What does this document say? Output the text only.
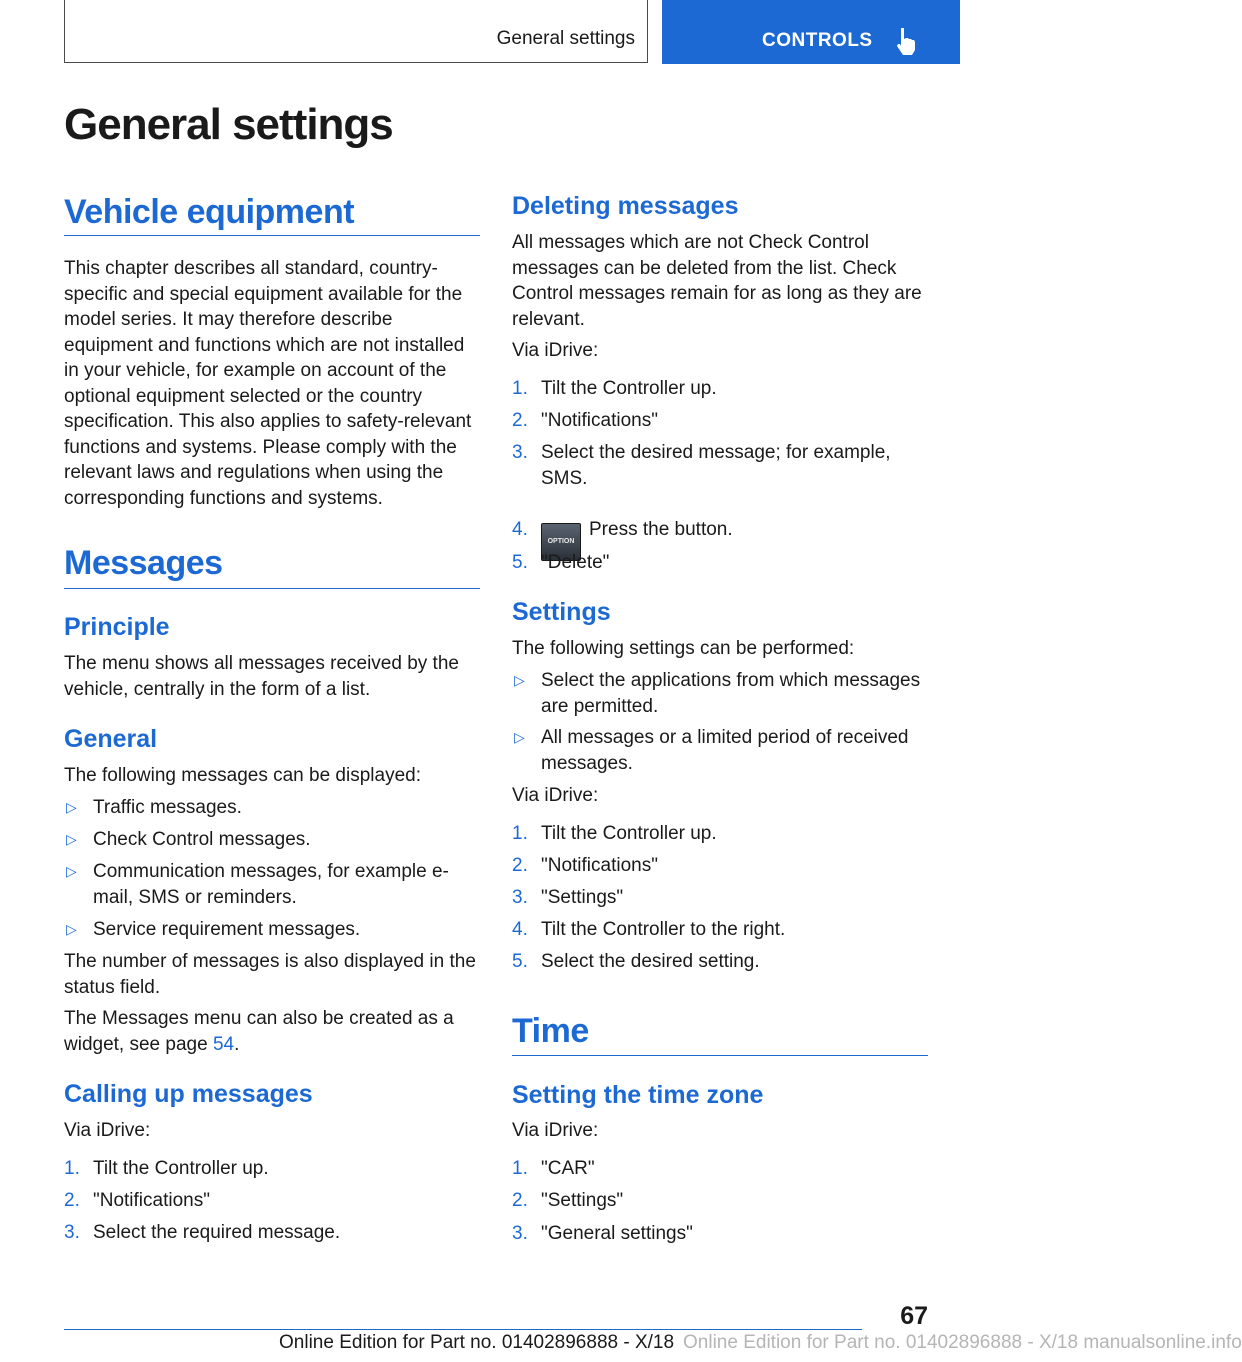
General settings	CONTROLS
General settings
Vehicle equipment

This chapter describes all standard, country-specific and special equipment available for the model series. It may therefore describe equipment and functions which are not installed in your vehicle, for example on account of the optional equipment selected or the country specification. This also applies to safety-relevant functions and systems. Please comply with the relevant laws and regulations when using the corresponding functions and systems.

Messages
Principle

The menu shows all messages received by the vehicle, centrally in the form of a list.

General

The following messages can be displayed:

▷ Traffic messages.
▷ Check Control messages.
▷ Communication messages, for example e-mail, SMS or reminders.
▷ Service requirement messages.

The number of messages is also displayed in the status field.

The Messages menu can also be created as a widget, see page 54.

Calling up messages

Via iDrive:

1. Tilt the Controller up.
2. "Notifications"
3. Select the required message.
Deleting messages

All messages which are not Check Control messages can be deleted from the list. Check Control messages remain for as long as they are relevant.

Via iDrive:

1. Tilt the Controller up.
2. "Notifications"
3. Select the desired message; for example, SMS.
4.
OPTIONPress the button.
5. "Delete"
Settings

The following settings can be performed:

▷ Select the applications from which messages are permitted.
▷ All messages or a limited period of received messages.

Via iDrive:

1. Tilt the Controller up.
2. "Notifications"
3. "Settings"
4. Tilt the Controller to the right.
5. Select the desired setting.
Time
Setting the time zone

Via iDrive:

1. "CAR"
2. "Settings"
3. "General settings"
67
Online Edition for Part no. 01402896888 - X/18 manualsonline.info
Online Edition for Part no. 01402896888 - X/18
